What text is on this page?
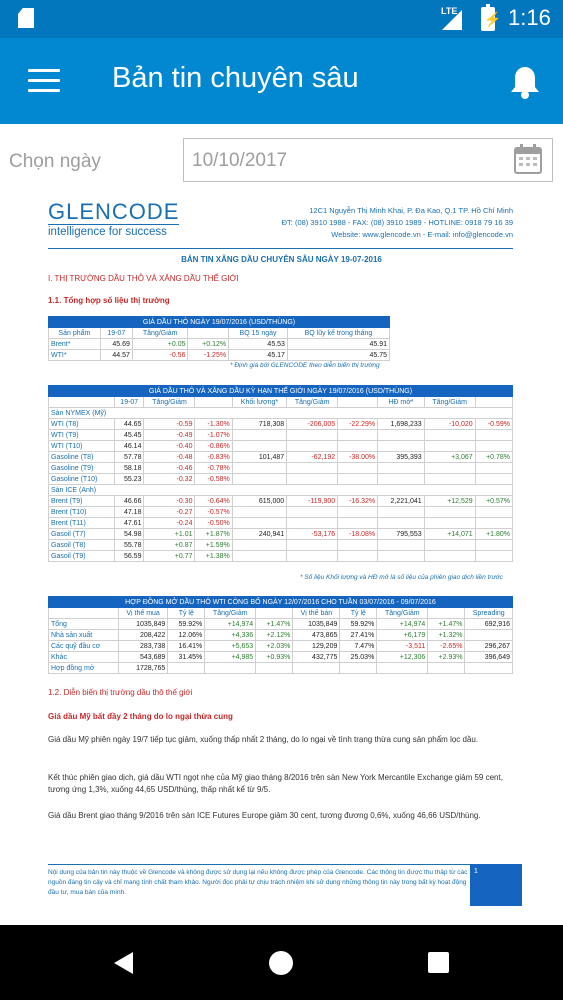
LTE ⚡ 1:16
Bản tin chuyên sâu
Chọn ngày	10/10/2017
GLENCODE
intelligence for success
12C1 Nguyễn Thị Minh Khai, P. Đa Kao, Q.1 TP. Hồ Chí Minh
ĐT: (08) 3910 1988 - FAX: (08) 3910 1989 - HOTLINE: 0918 79 16 39
Website: www.glencode.vn - E-mail: info@glencode.vn
BẢN TIN XĂNG DẦU CHUYÊN SÂU NGÀY 19-07-2016
I. THỊ TRƯỜNG DẦU THÔ VÀ XĂNG DẦU THẾ GIỚI
1.1. Tổng hợp số liệu thị trường
GIÁ DẦU THÔ NGÀY 19/07/2016 (USD/THÙNG)					
Sản phẩm	19-07	Tăng/Giảm		BQ 15 ngày	BQ lũy kế trong tháng
Brent*	45.69	+0.05	+0.12%	45.53	45.91
WTI*	44.57	-0.56	-1.25%	45.17	45.75
* Định giá bởi GLENCODE theo diễn biến thị trường
GIÁ DẦU THÔ VÀ XĂNG DẦU KỲ HẠN THẾ GIỚI NGÀY 19/07/2016 (USD/THÙNG)									
	19-07	Tăng/Giảm		Khối lượng*	Tăng/Giảm		HĐ mở*	Tăng/Giảm	
Sàn NYMEX (Mỹ)									
WTI (T8)	44.65	-0.59	-1.30%	718,308	-206,005	-22.29%	1,698,233	-10,020	-0.59%
WTI (T9)	45.45	-0.49	-1.07%						
WTI (T10)	46.14	-0.40	-0.86%						
Gasoline (T8)	57.78	-0.48	-0.83%	101,487	-62,192	-38.00%	395,393	+3,067	+0.78%
Gasoline (T9)	58.18	-0.46	-0.78%						
Gasoline (T10)	55.23	-0.32	-0.58%						
Sàn ICE (Anh)									
Brent (T9)	46.66	-0.30	-0.64%	615,000	-119,900	-16.32%	2,221,041	+12,529	+0.57%
Brent (T10)	47.18	-0.27	-0.57%						
Brent (T11)	47.61	-0.24	-0.50%						
Gasoil (T7)	54.98	+1.01	+1.87%	240,941	-53,176	-18.08%	795,553	+14,071	+1.80%
Gasoil (T8)	55.78	+0.87	+1.59%						
Gasoil (T9)	56.59	+0.77	+1.38%						
* Số liệu Khối lượng và HĐ mở là số liệu của phiên giao dịch liền trước
HỢP ĐỒNG MỞ DẦU THÔ WTI CÔNG BỐ NGÀY 12/07/2016 CHO TUẦN 03/07/2016 - 09/07/2016									
	Vị thế mua	Tỷ lệ	Tăng/Giảm		Vị thế bán	Tỷ lệ	Tăng/Giảm		Spreading
Tổng	1035,849	59.92%	+14,974	+1.47%	1035,849	59.92%	+14,974	+1.47%	692,916
Nhà sản xuất	208,422	12.06%	+4,336	+2.12%	473,865	27.41%	+6,179	+1.32%	
Các quỹ đầu cơ	283,738	16.41%	+5,653	+2.03%	129,209	7.47%	-3,511	-2.65%	296,267
Khác	543,689	31.45%	+4,985	+0.93%	432,775	25.03%	+12,306	+2.93%	396,649
Hợp đồng mở	1728,765								
1.2. Diễn biến thị trường dầu thô thế giới
Giá dầu Mỹ bất đầy 2 tháng do lo ngại thừa cung
Giá dầu Mỹ phiên ngày 19/7 tiếp tục giảm, xuống thấp nhất 2 tháng, do lo ngại về tình trạng thừa cung sản phẩm lọc dầu.
Kết thúc phiên giao dịch, giá dầu WTI ngọt nhẹ của Mỹ giao tháng 8/2016 trên sàn New York Mercantile Exchange giảm 59 cent, tương ứng 1,3%, xuống 44,65 USD/thùng, thấp nhất kể từ 9/5.
Giá dầu Brent giao tháng 9/2016 trên sàn ICE Futures Europe giảm 30 cent, tương đương 0,6%, xuống 46,66 USD/thùng.
Nội dung của bản tin này thuộc về Glencode và không được sử dụng lại nếu không được phép của Glencode. Các thông tin được thu thập từ các nguồn đáng tin cậy và chỉ mang tính chất tham khảo. Người đọc phải tự chịu trách nhiệm khi sử dụng những thông tin này trong bất kỳ hoạt động đầu tư, mua bán của mình.
1
